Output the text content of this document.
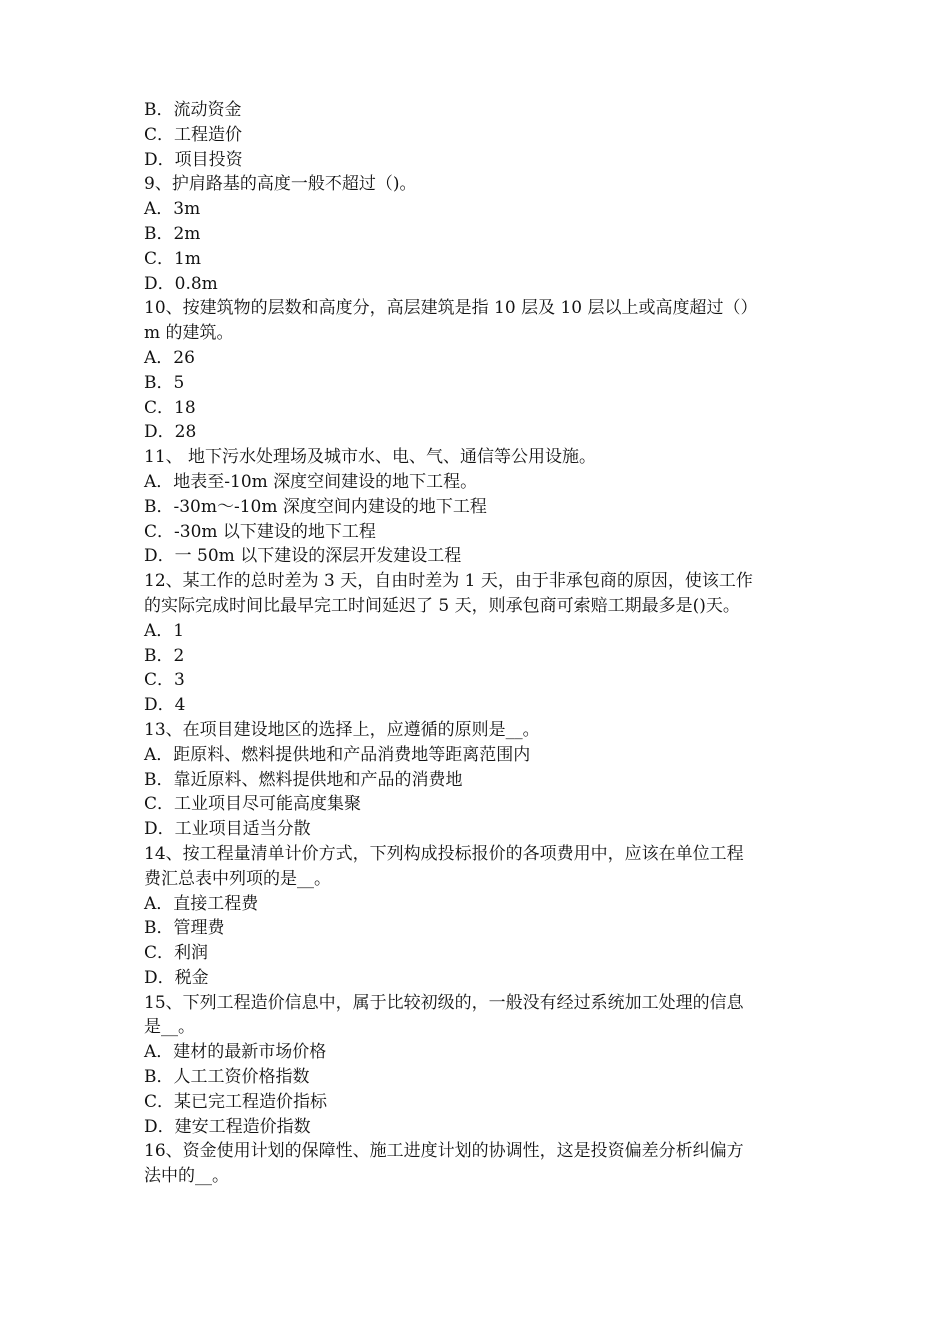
B．流动资金
C．工程造价
D．项目投资
9、护肩路基的高度一般不超过（)。
A．3m
B．2m
C．1m
D．0.8m
10、按建筑物的层数和高度分，高层建筑是指 10 层及 10 层以上或高度超过（）
m 的建筑。
A．26
B．5
C．18
D．28
11、 地下污水处理场及城市水、电、气、通信等公用设施。
A．地表至-10m 深度空间建设的地下工程。
B．-30m～-10m 深度空间内建设的地下工程
C．-30m 以下建设的地下工程
D．一 50m 以下建设的深层开发建设工程
12、某工作的总时差为 3 天，自由时差为 1 天，由于非承包商的原因，使该工作
的实际完成时间比最早完工时间延迟了 5 天，则承包商可索赔工期最多是()天。
A．1
B．2
C．3
D．4
13、在项目建设地区的选择上，应遵循的原则是__。
A．距原料、燃料提供地和产品消费地等距离范围内
B．靠近原料、燃料提供地和产品的消费地
C．工业项目尽可能高度集聚
D．工业项目适当分散
14、按工程量清单计价方式，下列构成投标报价的各项费用中，应该在单位工程
费汇总表中列项的是__。
A．直接工程费
B．管理费
C．利润
D．税金
15、下列工程造价信息中，属于比较初级的，一般没有经过系统加工处理的信息
是__。
A．建材的最新市场价格
B．人工工资价格指数
C．某已完工程造价指标
D．建安工程造价指数
16、资金使用计划的保障性、施工进度计划的协调性，这是投资偏差分析纠偏方
法中的__。
